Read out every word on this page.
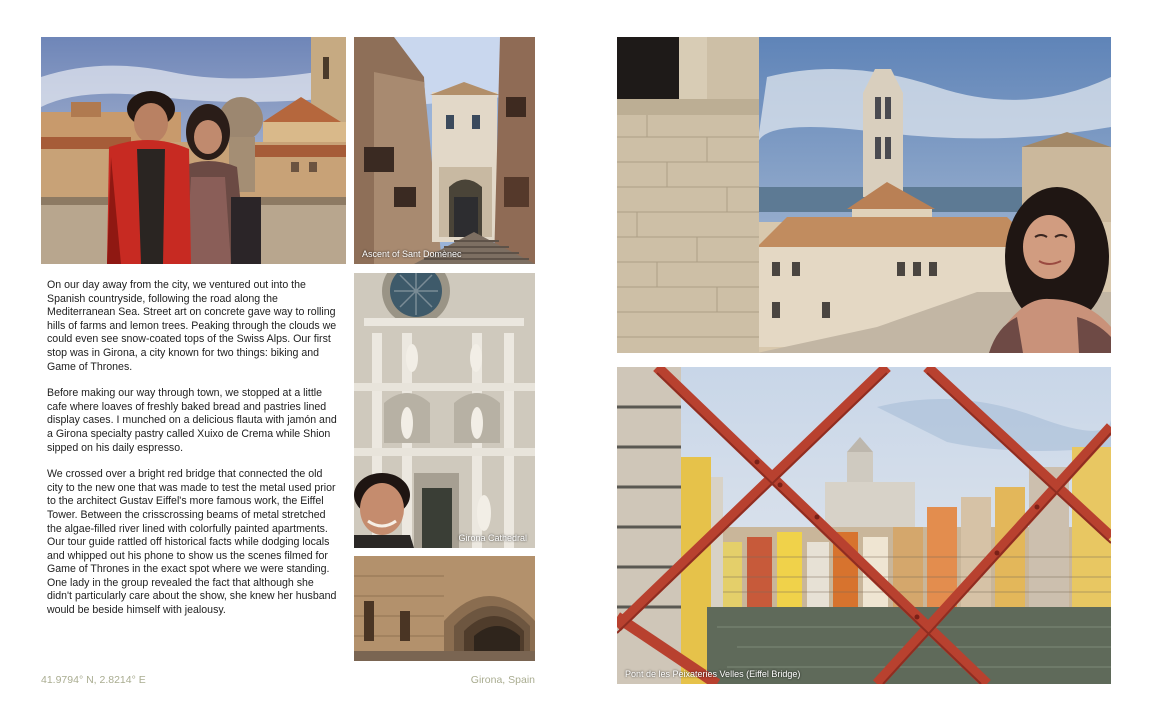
Ascent of Sant Domènec

On our day away from the city, we ventured out into the Spanish countryside, following the road along the Mediterranean Sea. Street art on concrete gave way to rolling hills of farms and lemon trees. Peaking through the clouds we could even see snow-coated tops of the Swiss Alps. Our first stop was in Girona, a city known for two things: biking and Game of Thrones.

Before making our way through town, we stopped at a little cafe where loaves of freshly baked bread and pastries lined display cases. I munched on a delicious flauta with jamón and a Girona specialty pastry called Xuixo de Crema while Shion sipped on his daily espresso.

We crossed over a bright red bridge that connected the old city to the new one that was made to test the metal used prior to the architect Gustav Eiffel's more famous work, the Eiffel Tower. Between the crisscrossing beams of metal stretched the algae-filled river lined with colorfully painted apartments. Our tour guide rattled off historical facts while dodging locals and whipped out his phone to show us the scenes filmed for Game of Thrones in the exact spot where we were standing. One lady in the group revealed the fact that although she didn't particularly care about the show, she knew her husband would be beside himself with jealousy.

Girona Cathedral
41.9794° N, 2.8214° E	Girona, Spain	Pont de les Peixateries Velles (Eiffel Bridge)
